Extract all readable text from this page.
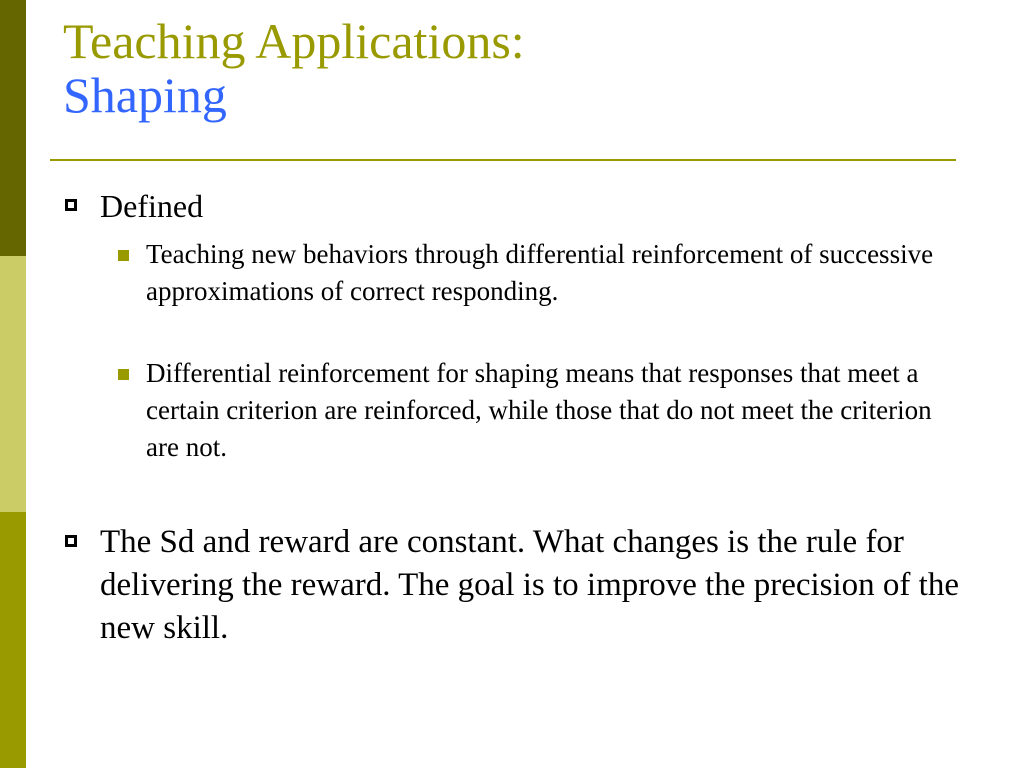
Teaching Applications:
Shaping

Defined

Teaching new behaviors through differential reinforcement of successive approximations of correct responding.

Differential reinforcement for shaping means that responses that meet a certain criterion are reinforced, while those that do not meet the criterion are not.

The Sd and reward are constant. What changes is the rule for delivering the reward. The goal is to improve the precision of the new skill.
